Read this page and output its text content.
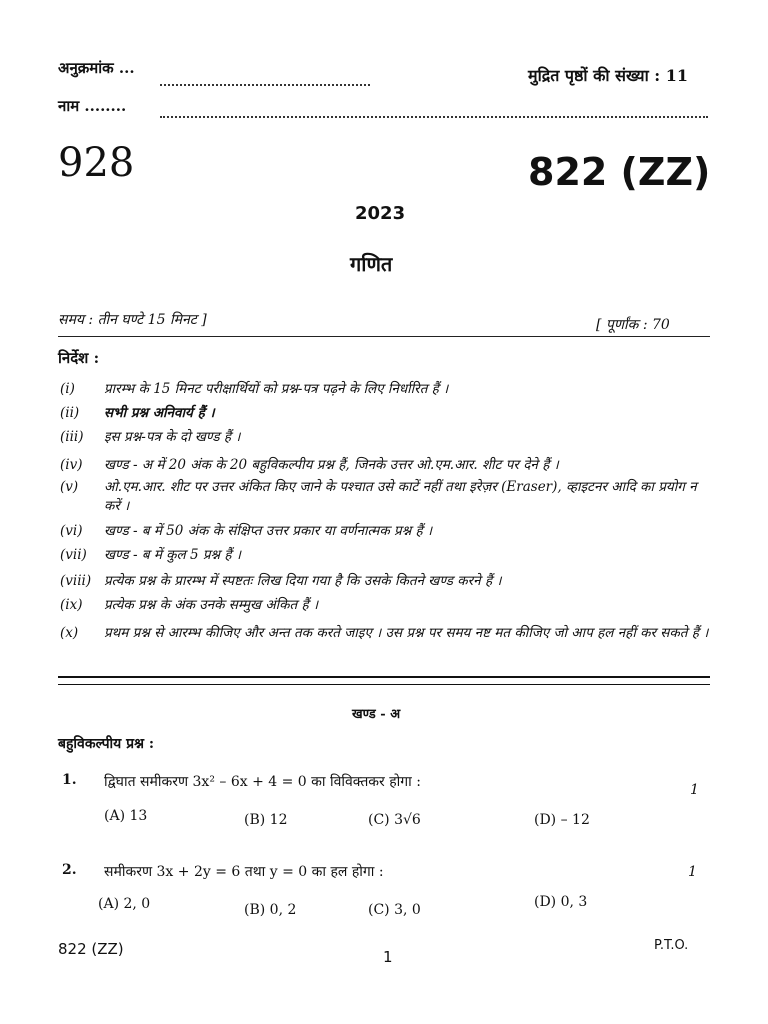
अनुक्रमांक ...	मुद्रित पृष्ठों की संख्या : 11
नाम ........
928	822 (ZZ)
2023
गणित
समय : तीन घण्टे 15 मिनट ]	[ पूर्णांक : 70
निर्देश :
(i) प्रारम्भ के 15 मिनट परीक्षार्थियों को प्रश्न-पत्र पढ़ने के लिए निर्धारित हैं ।
(ii) सभी प्रश्न अनिवार्य हैं ।
(iii) इस प्रश्न-पत्र के दो खण्ड हैं ।
(iv) खण्ड - अ में 20 अंक के 20 बहुविकल्पीय प्रश्न हैं, जिनके उत्तर ओ.एम.आर. शीट पर देने हैं ।
(v) ओ.एम.आर. शीट पर उत्तर अंकित किए जाने के पश्चात उसे काटें नहीं तथा इरेज़र (Eraser), व्हाइटनर आदि का प्रयोग न करें ।
(vi) खण्ड - ब में 50 अंक के संक्षिप्त उत्तर प्रकार या वर्णनात्मक प्रश्न हैं ।
(vii) खण्ड - ब में कुल 5 प्रश्न हैं ।
(viii) प्रत्येक प्रश्न के प्रारम्भ में स्पष्टतः लिख दिया गया है कि उसके कितने खण्ड करने हैं ।
(ix) प्रत्येक प्रश्न के अंक उनके सम्मुख अंकित हैं ।
(x) प्रथम प्रश्न से आरम्भ कीजिए और अन्त तक करते जाइए । उस प्रश्न पर समय नष्ट मत कीजिए जो आप हल नहीं कर सकते हैं ।
खण्ड - अ
बहुविकल्पीय प्रश्न :
1. द्विघात समीकरण 3x² – 6x + 4 = 0 का विविक्तकर होगा :	1
(A) 13	(B) 12	(C) 3√6	(D) – 12
2. समीकरण 3x + 2y = 6 तथा y = 0 का हल होगा :	1
(A) 2, 0	(B) 0, 2	(C) 3, 0	(D) 0, 3
822 (ZZ)	1
P.T.O.
